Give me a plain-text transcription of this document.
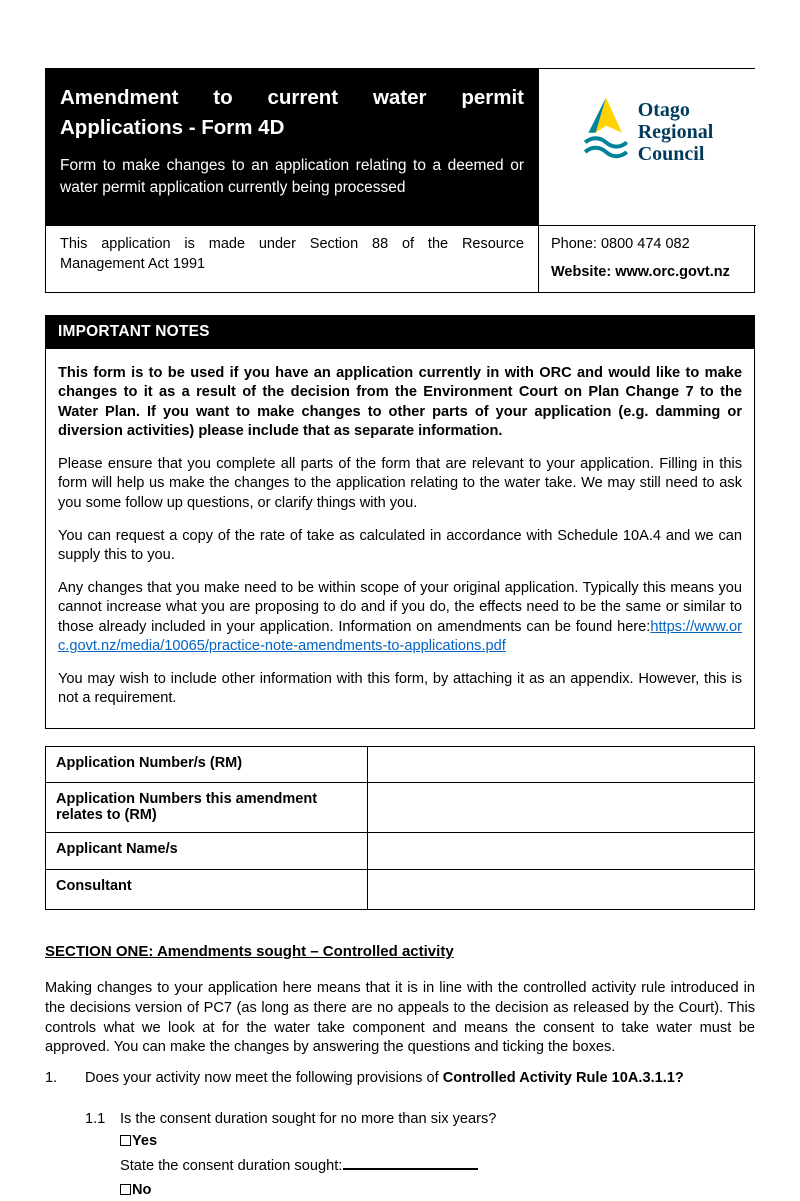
Amendment to current water permit Applications - Form 4D
Form to make changes to an application relating to a deemed or water permit application currently being processed
Otago
Regional
Council
This application is made under Section 88 of the Resource Management Act 1991
Phone: 0800 474 082
Website: www.orc.govt.nz
IMPORTANT NOTES

This form is to be used if you have an application currently in with ORC and would like to make changes to it as a result of the decision from the Environment Court on Plan Change 7 to the Water Plan. If you want to make changes to other parts of your application (e.g. damming or diversion activities) please include that as separate information.

Please ensure that you complete all parts of the form that are relevant to your application. Filling in this form will help us make the changes to the application relating to the water take. We may still need to ask you some follow up questions, or clarify things with you.

You can request a copy of the rate of take as calculated in accordance with Schedule 10A.4 and we can supply this to you.

Any changes that you make need to be within scope of your original application. Typically this means you cannot increase what you are proposing to do and if you do, the effects need to be the same or similar to those already included in your application. Information on amendments can be found here:https://www.orc.govt.nz/media/10065/practice-note-amendments-to-applications.pdf

You may wish to include other information with this form, by attaching it as an appendix. However, this is not a requirement.

Application Number/s (RM)	
Application Numbers this amendment relates to (RM)	
Applicant Name/s	
Consultant	
SECTION ONE: Amendments sought – Controlled activity

Making changes to your application here means that it is in line with the controlled activity rule introduced in the decisions version of PC7 (as long as there are no appeals to the decision as released by the Court). This controls what we look at for the water take component and means the consent to take water must be approved. You can make the changes by answering the questions and ticking the boxes.

1.	Does your activity now meet the following provisions of Controlled Activity Rule 10A.3.1.1?
1.1	Is the consent duration sought for no more than six years?
Yes
State the consent duration sought:
No
